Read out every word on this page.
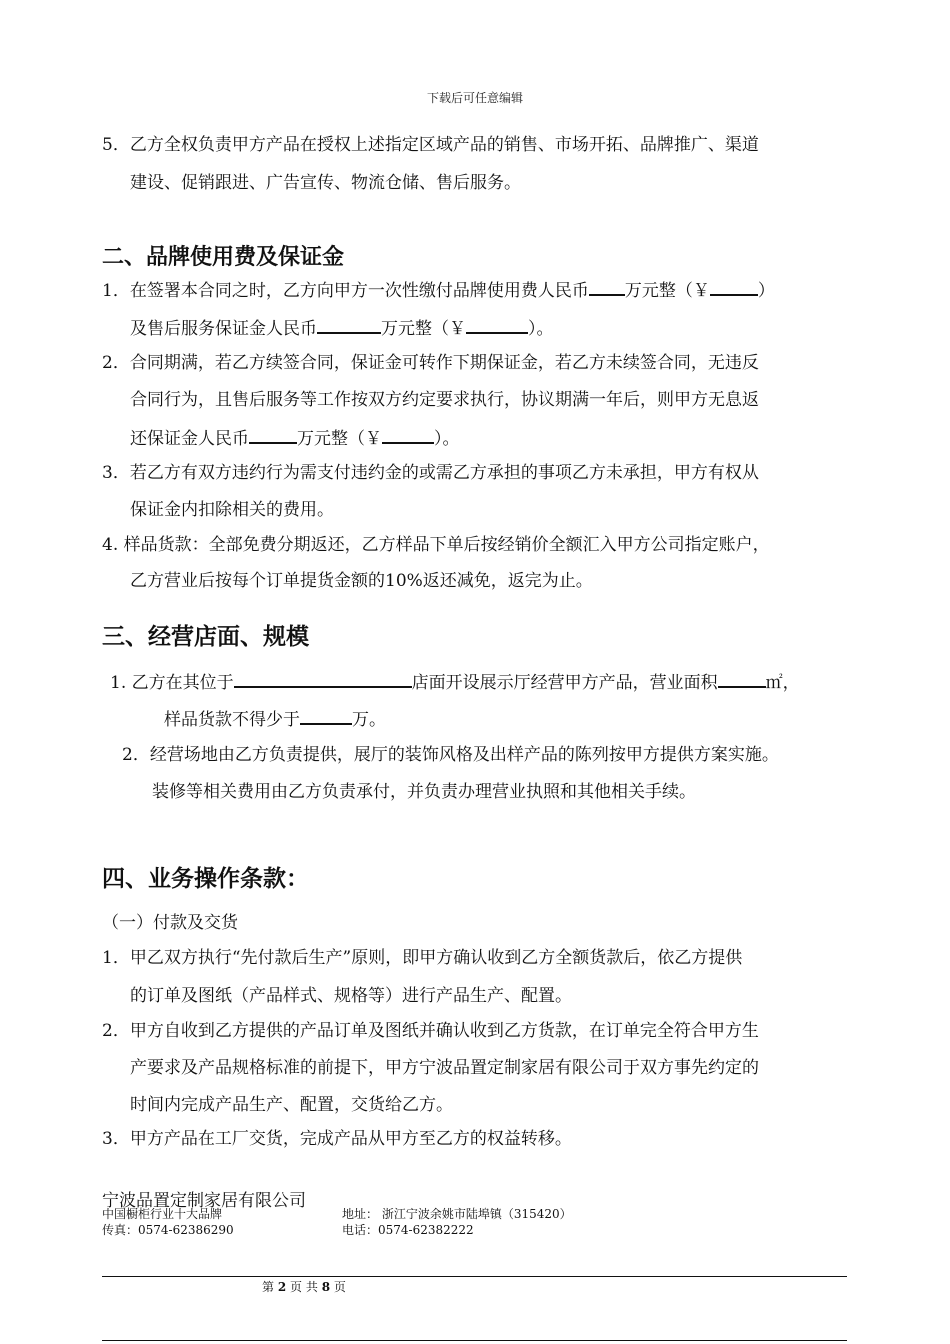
下载后可任意编辑
5．乙方全权负责甲方产品在授权上述指定区域产品的销售、市场开拓、品牌推广、渠道
建设、促销跟进、广告宣传、物流仓储、售后服务。
二、品牌使用费及保证金
1．在签署本合同之时，乙方向甲方一次性缴付品牌使用费人民币 万元整（￥	）
及售后服务保证金人民币	万元整（￥	）。
2．合同期满，若乙方续签合同，保证金可转作下期保证金，若乙方未续签合同，无违反
合同行为，且售后服务等工作按双方约定要求执行，协议期满一年后，则甲方无息返
还保证金人民币	万元整（￥	）。
3．若乙方有双方违约行为需支付违约金的或需乙方承担的事项乙方未承担，甲方有权从
保证金内扣除相关的费用。
4. 样品货款：全部免费分期返还，乙方样品下单后按经销价全额汇入甲方公司指定账户，
乙方营业后按每个订单提货金额的10%返还减免，返完为止。
三、经营店面、规模
1. 乙方在其位于	店面开设展示厅经营甲方产品，营业面积	㎡，
样品货款不得少于	万。
2．经营场地由乙方负责提供，展厅的装饰风格及出样产品的陈列按甲方提供方案实施。
装修等相关费用由乙方负责承付，并负责办理营业执照和其他相关手续。
四、业务操作条款：
（一）付款及交货
1．甲乙双方执行“先付款后生产”原则，即甲方确认收到乙方全额货款后，依乙方提供
的订单及图纸（产品样式、规格等）进行产品生产、配置。
2．甲方自收到乙方提供的产品订单及图纸并确认收到乙方货款，在订单完全符合甲方生
产要求及产品规格标准的前提下，甲方宁波品置定制家居有限公司于双方事先约定的
时间内完成产品生产、配置，交货给乙方。
3．甲方产品在工厂交货，完成产品从甲方至乙方的权益转移。
宁波品置定制家居有限公司
中国橱柜行业十大品牌
传真：0574-62386290
地址： 浙江宁波余姚市陆埠镇（315420）
电话：0574-62382222
第 2 页 共 8 页
